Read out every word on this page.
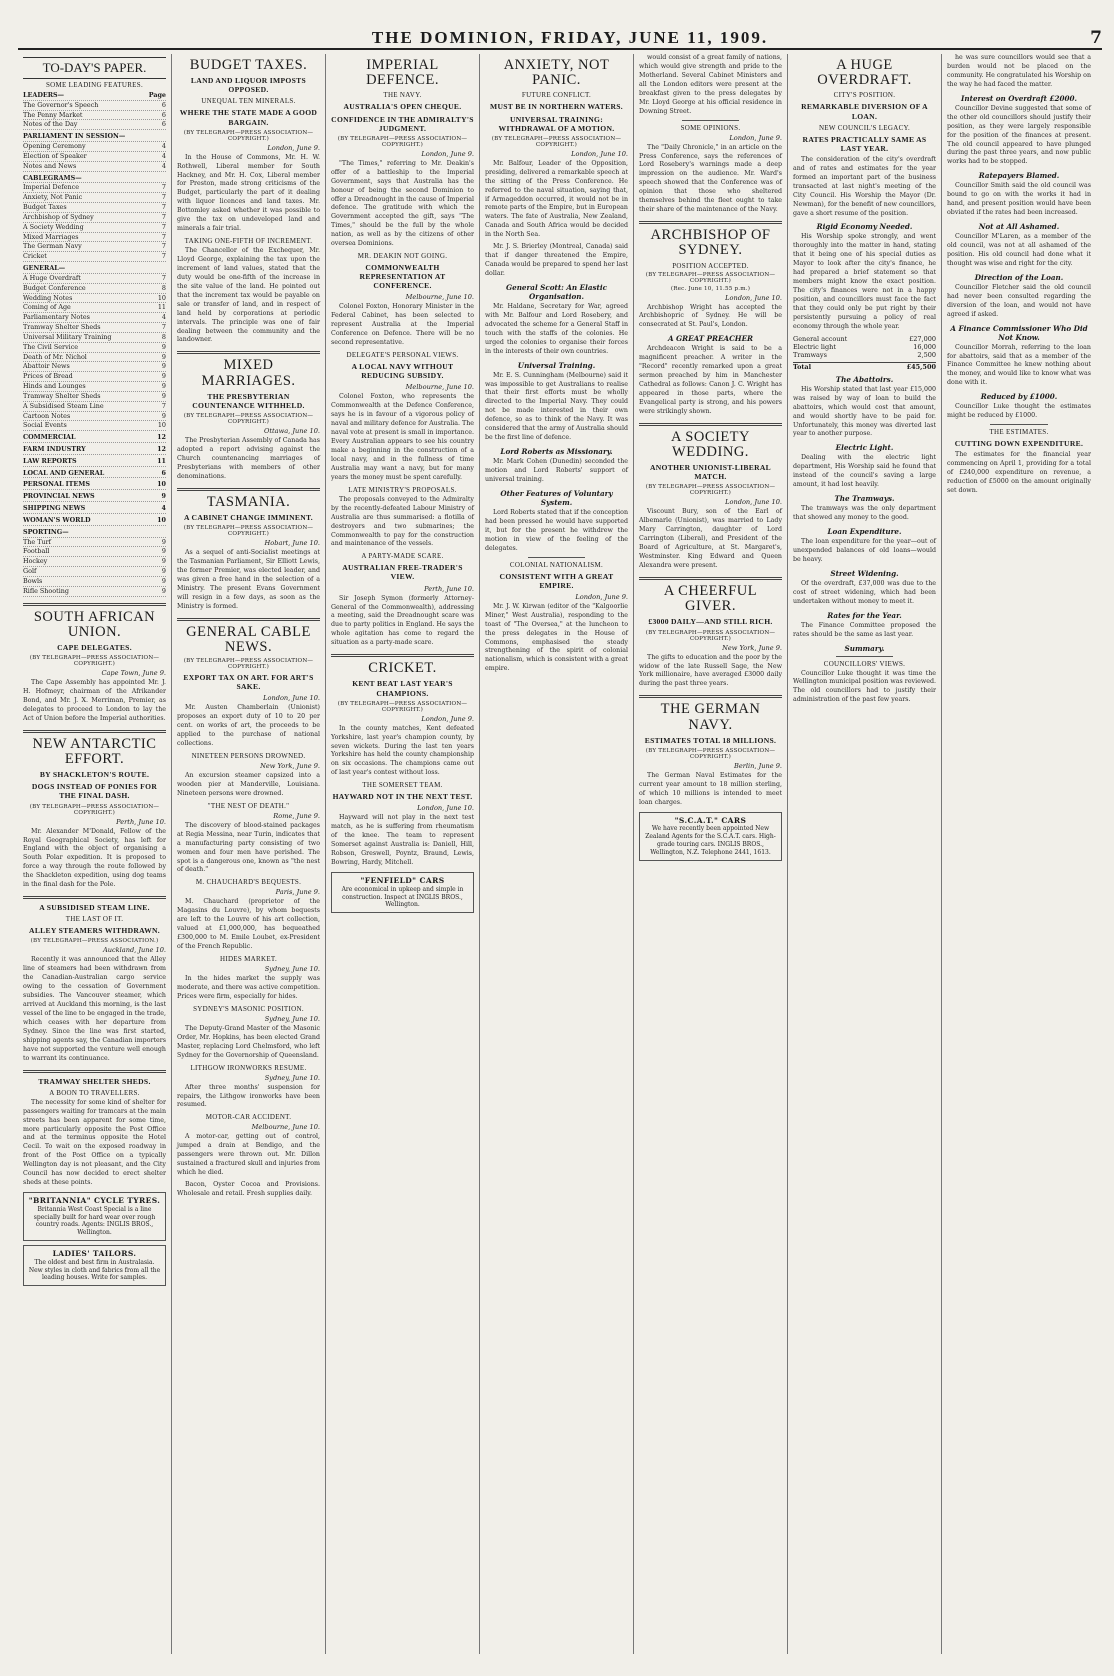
THE DOMINION, FRIDAY, JUNE 11, 1909.	7
TO-DAY'S PAPER.
SOME LEADING FEATURES.
LEADERS—	Page
The Governor's Speech	6
The Penny Market	6
Notes of the Day	6
PARLIAMENT IN SESSION—
Opening Ceremony	4
Election of Speaker	4
Notes and News	4
CABLEGRAMS—
Imperial Defence	7
Anxiety, Not Panic	7
Budget Taxes	7
Archbishop of Sydney	7
A Society Wedding	7
Mixed Marriages	7
The German Navy	7
Cricket	7
GENERAL—
A Huge Overdraft	7
Budget Conference	8
Wedding Notes	10
Coming of Age	11
Parliamentary Notes	4
Tramway Shelter Sheds	7
Universal Military Training	8
The Civil Service	9
Death of Mr. Nichol	9
Abattoir News	9
Prices of Bread	9
Hinds and Lounges	9
Tramway Shelter Sheds	9
A Subsidised Steam Line	7
Cartoon Notes	9
Social Events	10
COMMERCIAL	12
FARM INDUSTRY	12
LAW REPORTS	11
LOCAL AND GENERAL	6
PERSONAL ITEMS	10
PROVINCIAL NEWS	9
SHIPPING NEWS	4
WOMAN'S WORLD	10
SPORTING—
The Turf	9
Football	9
Hockey	9
Golf	9
Bowls	9
Rifle Shooting	9
SOUTH AFRICAN UNION.
CAPE DELEGATES.
(BY TELEGRAPH—PRESS ASSOCIATION—COPYRIGHT.)
Cape Town, June 9.

The Cape Assembly has appointed Mr. J. H. Hofmeyr, chairman of the Afrikander Bond, and Mr. J. X. Merriman, Premier, as delegates to proceed to London to lay the Act of Union before the Imperial authorities.

NEW ANTARCTIC EFFORT.
BY SHACKLETON'S ROUTE.
DOGS INSTEAD OF PONIES FOR THE FINAL DASH.
(BY TELEGRAPH—PRESS ASSOCIATION—COPYRIGHT.)
Perth, June 10.

Mr. Alexander M'Donald, Fellow of the Royal Geographical Society, has left for England with the object of organising a South Polar expedition. It is proposed to force a way through the route followed by the Shackleton expedition, using dog teams in the final dash for the Pole.

A SUBSIDISED STEAM LINE.
THE LAST OF IT.
ALLEY STEAMERS WITHDRAWN.
(BY TELEGRAPH—PRESS ASSOCIATION.)
Auckland, June 10.

Recently it was announced that the Alley line of steamers had been withdrawn from the Canadian-Australian cargo service owing to the cessation of Government subsidies. The Vancouver steamer, which arrived at Auckland this morning, is the last vessel of the line to be engaged in the trade, which ceases with her departure from Sydney. Since the line was first started, shipping agents say, the Canadian importers have not supported the venture well enough to warrant its continuance.

TRAMWAY SHELTER SHEDS.
A BOON TO TRAVELLERS.

The necessity for some kind of shelter for passengers waiting for tramcars at the main streets has been apparent for some time, more particularly opposite the Post Office and at the terminus opposite the Hotel Cecil. To wait on the exposed roadway in front of the Post Office on a typically Wellington day is not pleasant, and the City Council has now decided to erect shelter sheds at these points.

"BRITANNIA" CYCLE TYRES.
Britannia West Coast Special is a line specially built for hard wear over rough country roads. Agents: INGLIS BROS., Wellington.
LADIES' TAILORS.
The oldest and best firm in Australasia. New styles in cloth and fabrics from all the leading houses. Write for samples.
BUDGET TAXES.
LAND AND LIQUOR IMPOSTS OPPOSED.
UNEQUAL TEN MINERALS.
WHERE THE STATE MADE A GOOD BARGAIN.
(BY TELEGRAPH—PRESS ASSOCIATION—COPYRIGHT.)
London, June 9.

In the House of Commons, Mr. H. W. Rothwell, Liberal member for South Hackney, and Mr. H. Cox, Liberal member for Preston, made strong criticisms of the Budget, particularly the part of it dealing with liquor licences and land taxes. Mr. Bottomley asked whether it was possible to give the tax on undeveloped land and minerals a fair trial.

TAKING ONE-FIFTH OF INCREMENT.

The Chancellor of the Exchequer, Mr. Lloyd George, explaining the tax upon the increment of land values, stated that the duty would be one-fifth of the increase in the site value of the land. He pointed out that the increment tax would be payable on sale or transfer of land, and in respect of land held by corporations at periodic intervals. The principle was one of fair dealing between the community and the landowner.

MIXED MARRIAGES.
THE PRESBYTERIAN COUNTENANCE WITHHELD.
(BY TELEGRAPH—PRESS ASSOCIATION—COPYRIGHT.)
Ottawa, June 10.

The Presbyterian Assembly of Canada has adopted a report advising against the Church countenancing marriages of Presbyterians with members of other denominations.

TASMANIA.
A CABINET CHANGE IMMINENT.
(BY TELEGRAPH—PRESS ASSOCIATION—COPYRIGHT.)
Hobart, June 10.

As a sequel of anti-Socialist meetings at the Tasmanian Parliament, Sir Elliott Lewis, the former Premier, was elected leader, and was given a free hand in the selection of a Ministry. The present Evans Government will resign in a few days, as soon as the Ministry is formed.

GENERAL CABLE NEWS.
(BY TELEGRAPH—PRESS ASSOCIATION—COPYRIGHT.)
EXPORT TAX ON ART. FOR ART'S SAKE.
London, June 10.

Mr. Austen Chamberlain (Unionist) proposes an export duty of 10 to 20 per cent. on works of art, the proceeds to be applied to the purchase of national collections.

NINETEEN PERSONS DROWNED.
New York, June 9.

An excursion steamer capsized into a wooden pier at Manderville, Louisiana. Nineteen persons were drowned.

"THE NEST OF DEATH."
Rome, June 9.

The discovery of blood-stained packages at Regia Messina, near Turin, indicates that a manufacturing party consisting of two women and four men have perished. The spot is a dangerous one, known as "the nest of death."

M. CHAUCHARD'S BEQUESTS.
Paris, June 9.

M. Chauchard (proprietor of the Magasins du Louvre), by whom bequests are left to the Louvre of his art collection, valued at £1,000,000, has bequeathed £300,000 to M. Emile Loubet, ex-President of the French Republic.

HIDES MARKET.
Sydney, June 10.

In the hides market the supply was moderate, and there was active competition. Prices were firm, especially for hides.

SYDNEY'S MASONIC POSITION.
Sydney, June 10.

The Deputy-Grand Master of the Masonic Order, Mr. Hopkins, has been elected Grand Master, replacing Lord Chelmsford, who left Sydney for the Governorship of Queensland.

LITHGOW IRONWORKS RESUME.
Sydney, June 10.

After three months' suspension for repairs, the Lithgow ironworks have been resumed.

MOTOR-CAR ACCIDENT.
Melbourne, June 10.

A motor-car, getting out of control, jumped a drain at Bendigo, and the passengers were thrown out. Mr. Dillon sustained a fractured skull and injuries from which he died.

Bacon, Oyster Cocoa and Provisions. Wholesale and retail. Fresh supplies daily.

IMPERIAL DEFENCE.
THE NAVY.
AUSTRALIA'S OPEN CHEQUE.
CONFIDENCE IN THE ADMIRALTY'S JUDGMENT.
(BY TELEGRAPH—PRESS ASSOCIATION—COPYRIGHT.)
London, June 9.

"The Times," referring to Mr. Deakin's offer of a battleship to the Imperial Government, says that Australia has the honour of being the second Dominion to offer a Dreadnought in the cause of Imperial defence. The gratitude with which the Government accepted the gift, says "The Times," should be the full by the whole nation, as well as by the citizens of other oversea Dominions.

MR. DEAKIN NOT GOING.
COMMONWEALTH REPRESENTATION AT CONFERENCE.
Melbourne, June 10.

Colonel Foxton, Honorary Minister in the Federal Cabinet, has been selected to represent Australia at the Imperial Conference on Defence. There will be no second representative.

DELEGATE'S PERSONAL VIEWS.
A LOCAL NAVY WITHOUT REDUCING SUBSIDY.
Melbourne, June 10.

Colonel Foxton, who represents the Commonwealth at the Defence Conference, says he is in favour of a vigorous policy of naval and military defence for Australia. The naval vote at present is small in importance. Every Australian appears to see his country make a beginning in the construction of a local navy, and in the fullness of time Australia may want a navy, but for many years the money must be spent carefully.

LATE MINISTRY'S PROPOSALS.

The proposals conveyed to the Admiralty by the recently-defeated Labour Ministry of Australia are thus summarised: a flotilla of destroyers and two submarines; the Commonwealth to pay for the construction and maintenance of the vessels.

A PARTY-MADE SCARE.
AUSTRALIAN FREE-TRADER'S VIEW.
Perth, June 10.

Sir Joseph Symon (formerly Attorney-General of the Commonwealth), addressing a meeting, said the Dreadnought scare was due to party politics in England. He says the whole agitation has come to regard the situation as a party-made scare.

CRICKET.
KENT BEAT LAST YEAR'S CHAMPIONS.
(BY TELEGRAPH—PRESS ASSOCIATION—COPYRIGHT.)
London, June 9.

In the county matches, Kent defeated Yorkshire, last year's champion county, by seven wickets. During the last ten years Yorkshire has held the county championship on six occasions. The champions came out of last year's contest without loss.

THE SOMERSET TEAM.
HAYWARD NOT IN THE NEXT TEST.
London, June 10.

Hayward will not play in the next test match, as he is suffering from rheumatism of the knee. The team to represent Somerset against Australia is: Daniell, Hill, Robson, Greswell, Poyntz, Braund, Lewis, Bowring, Hardy, Mitchell.

"FENFIELD" CARS
Are economical in upkeep and simple in construction. Inspect at INGLIS BROS., Wellington.
ANXIETY, NOT PANIC.
FUTURE CONFLICT.
MUST BE IN NORTHERN WATERS.
UNIVERSAL TRAINING: WITHDRAWAL OF A MOTION.
(BY TELEGRAPH—PRESS ASSOCIATION—COPYRIGHT.)
London, June 10.

Mr. Balfour, Leader of the Opposition, presiding, delivered a remarkable speech at the sitting of the Press Conference. He referred to the naval situation, saying that, if Armageddon occurred, it would not be in remote parts of the Empire, but in European waters. The fate of Australia, New Zealand, Canada and South Africa would be decided in the North Sea.

Mr. J. S. Brierley (Montreal, Canada) said that if danger threatened the Empire, Canada would be prepared to spend her last dollar.

General Scott: An Elastic Organisation.

Mr. Haldane, Secretary for War, agreed with Mr. Balfour and Lord Rosebery, and advocated the scheme for a General Staff in touch with the staffs of the colonies. He urged the colonies to organise their forces in the interests of their own countries.

Universal Training.

Mr. E. S. Cunningham (Melbourne) said it was impossible to get Australians to realise that their first efforts must be wholly directed to the Imperial Navy. They could not be made interested in their own defence, so as to think of the Navy. It was considered that the army of Australia should be the first line of defence.

Lord Roberts as Missionary.

Mr. Mark Cohen (Dunedin) seconded the motion and Lord Roberts' support of universal training.

Other Features of Voluntary System.

Lord Roberts stated that if the conception had been pressed he would have supported it, but for the present he withdrew the motion in view of the feeling of the delegates.

COLONIAL NATIONALISM.
CONSISTENT WITH A GREAT EMPIRE.
London, June 9.

Mr. J. W. Kirwan (editor of the "Kalgoorlie Miner," West Australia), responding to the toast of "The Oversea," at the luncheon to the press delegates in the House of Commons, emphasised the steady strengthening of the spirit of colonial nationalism, which is consistent with a great empire.

would consist of a great family of nations, which would give strength and pride to the Motherland. Several Cabinet Ministers and all the London editors were present at the breakfast given to the press delegates by Mr. Lloyd George at his official residence in Downing Street.

SOME OPINIONS.
London, June 9.

The "Daily Chronicle," in an article on the Press Conference, says the references of Lord Rosebery's warnings made a deep impression on the audience. Mr. Ward's speech showed that the Conference was of opinion that those who sheltered themselves behind the fleet ought to take their share of the maintenance of the Navy.

ARCHBISHOP OF SYDNEY.
POSITION ACCEPTED.
(BY TELEGRAPH—PRESS ASSOCIATION—COPYRIGHT.)
(Rec. June 10, 11.55 p.m.)
London, June 10.

Archbishop Wright has accepted the Archbishopric of Sydney. He will be consecrated at St. Paul's, London.

A GREAT PREACHER

Archdeacon Wright is said to be a magnificent preacher. A writer in the "Record" recently remarked upon a great sermon preached by him in Manchester Cathedral as follows: Canon J. C. Wright has appeared in those parts, where the Evangelical party is strong, and his powers were strikingly shown.

A SOCIETY WEDDING.
ANOTHER UNIONIST-LIBERAL MATCH.
(BY TELEGRAPH—PRESS ASSOCIATION—COPYRIGHT.)
London, June 10.

Viscount Bury, son of the Earl of Albemarle (Unionist), was married to Lady Mary Carrington, daughter of Lord Carrington (Liberal), and President of the Board of Agriculture, at St. Margaret's, Westminster. King Edward and Queen Alexandra were present.

A CHEERFUL GIVER.
£3000 DAILY—AND STILL RICH.
(BY TELEGRAPH—PRESS ASSOCIATION—COPYRIGHT.)
New York, June 9.

The gifts to education and the poor by the widow of the late Russell Sage, the New York millionaire, have averaged £3000 daily during the past three years.

THE GERMAN NAVY.
ESTIMATES TOTAL 18 MILLIONS.
(BY TELEGRAPH—PRESS ASSOCIATION—COPYRIGHT.)
Berlin, June 9.

The German Naval Estimates for the current year amount to 18 million sterling, of which 10 millions is intended to meet loan charges.

"S.C.A.T." CARS
We have recently been appointed New Zealand Agents for the S.C.A.T. cars. High-grade touring cars. INGLIS BROS., Wellington, N.Z. Telephone 2441, 1613.
A HUGE OVERDRAFT.
CITY'S POSITION.
REMARKABLE DIVERSION OF A LOAN.
NEW COUNCIL'S LEGACY.
RATES PRACTICALLY SAME AS LAST YEAR.

The consideration of the city's overdraft and of rates and estimates for the year formed an important part of the business transacted at last night's meeting of the City Council. His Worship the Mayor (Dr. Newman), for the benefit of new councillors, gave a short resume of the position.

Rigid Economy Needed.

His Worship spoke strongly, and went thoroughly into the matter in hand, stating that it being one of his special duties as Mayor to look after the city's finance, he had prepared a brief statement so that members might know the exact position. The city's finances were not in a happy position, and councillors must face the fact that they could only be put right by their persistently pursuing a policy of real economy through the whole year.

General account	£27,000
Electric light	16,000
Tramways	2,500
Total	£45,500
The Abattoirs.

His Worship stated that last year £15,000 was raised by way of loan to build the abattoirs, which would cost that amount, and would shortly have to be paid for. Unfortunately, this money was diverted last year to another purpose.

Electric Light.

Dealing with the electric light department, His Worship said he found that instead of the council's saving a large amount, it had lost heavily.

The Tramways.

The tramways was the only department that showed any money to the good.

Loan Expenditure.

The loan expenditure for the year—out of unexpended balances of old loans—would be heavy.

Street Widening.

Of the overdraft, £37,000 was due to the cost of street widening, which had been undertaken without money to meet it.

Rates for the Year.

The Finance Committee proposed the rates should be the same as last year.

Summary.
COUNCILLORS' VIEWS.

Councillor Luke thought it was time the Wellington municipal position was reviewed. The old councillors had to justify their administration of the past few years.

he was sure councillors would see that a burden would not be placed on the community. He congratulated his Worship on the way he had faced the matter.

Interest on Overdraft £2000.

Councillor Devine suggested that some of the other old councillors should justify their position, as they were largely responsible for the position of the finances at present. The old council appeared to have plunged during the past three years, and now public works had to be stopped.

Ratepayers Blamed.

Councillor Smith said the old council was bound to go on with the works it had in hand, and present position would have been obviated if the rates had been increased.

Not at All Ashamed.

Councillor M'Laren, as a member of the old council, was not at all ashamed of the position. His old council had done what it thought was wise and right for the city.

Direction of the Loan.

Councillor Fletcher said the old council had never been consulted regarding the diversion of the loan, and would not have agreed if asked.

A Finance Commissioner Who Did Not Know.

Councillor Morrah, referring to the loan for abattoirs, said that as a member of the Finance Committee he knew nothing about the money, and would like to know what was done with it.

Reduced by £1000.

Councillor Luke thought the estimates might be reduced by £1000.

THE ESTIMATES.
CUTTING DOWN EXPENDITURE.

The estimates for the financial year commencing on April 1, providing for a total of £240,000 expenditure on revenue, a reduction of £5000 on the amount originally set down.
